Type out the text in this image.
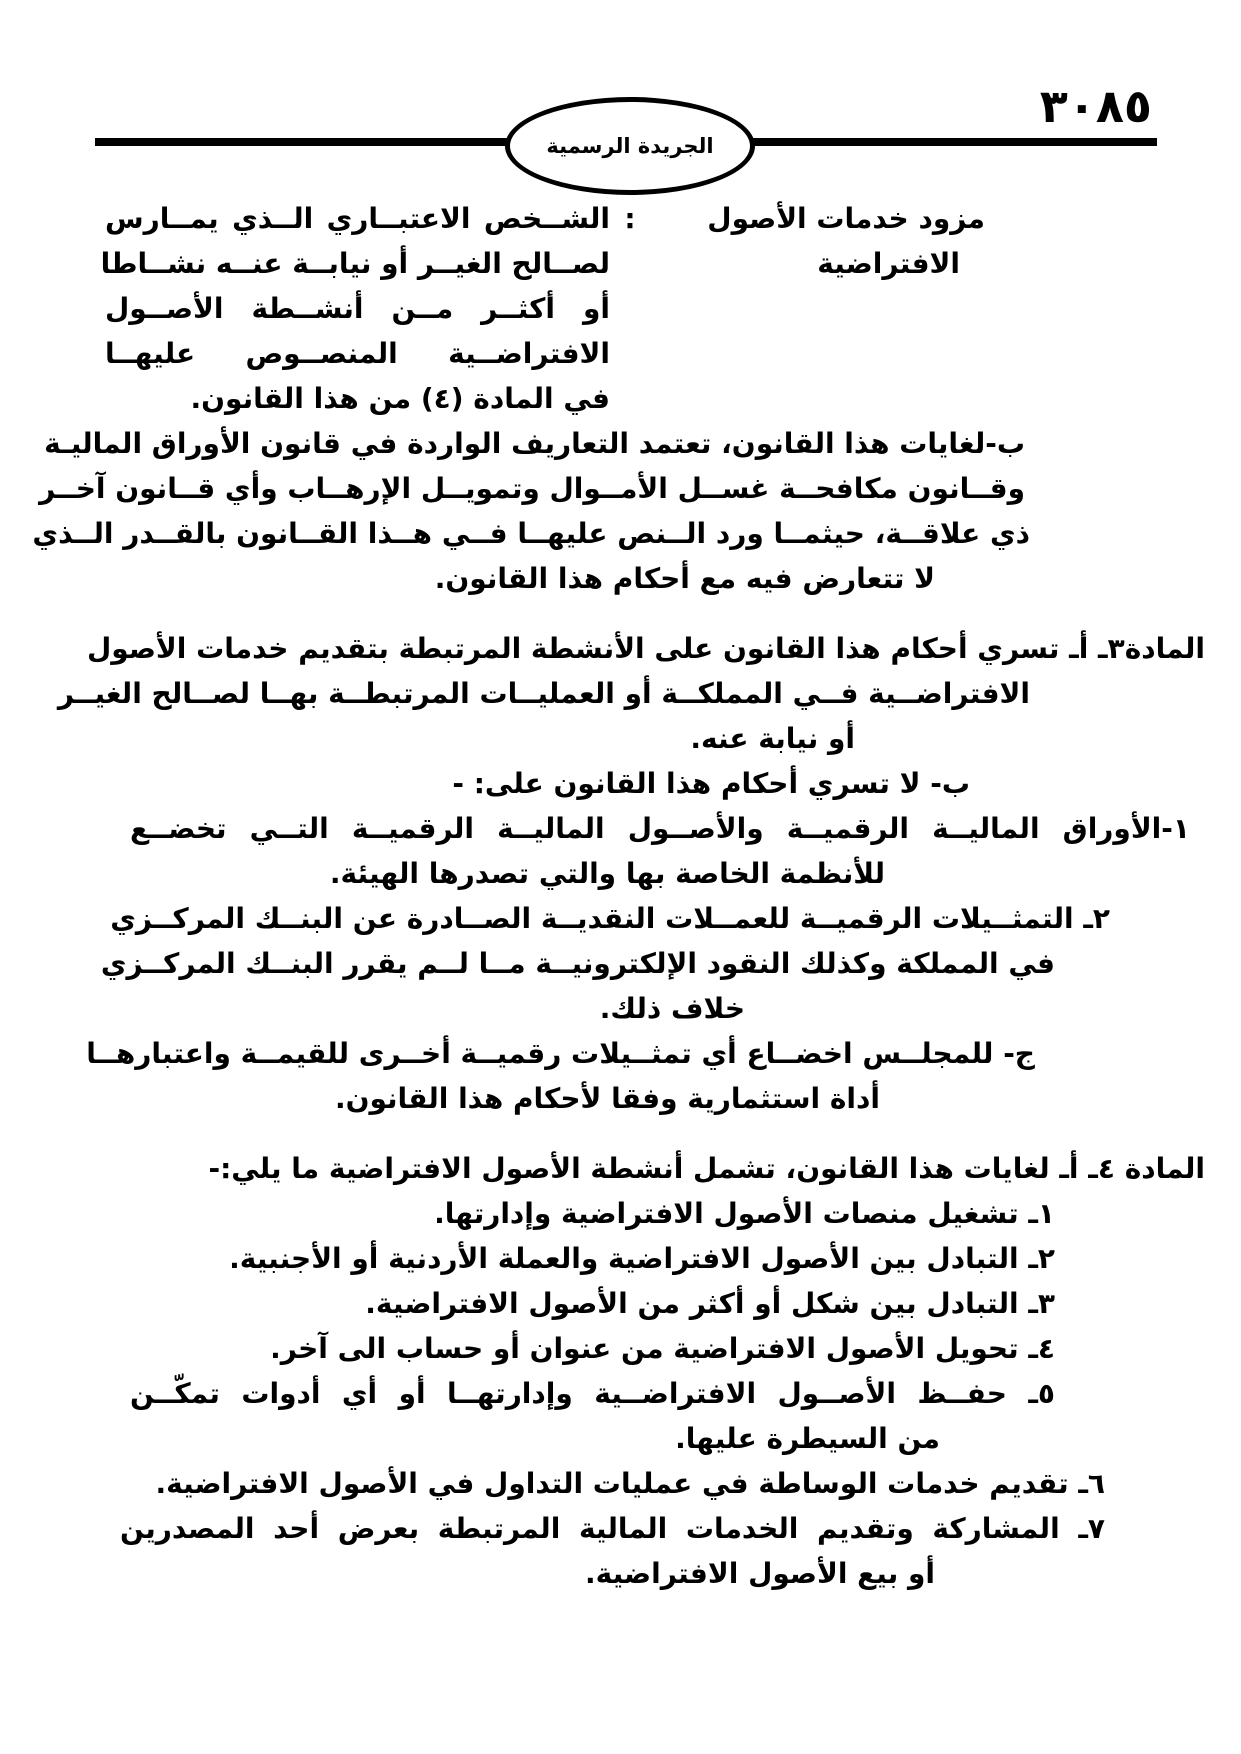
٣٠٨٥
الجريدة الرسمية
مزود خدمات الأصول
الافتراضية
:
الشــخص الاعتبــاري الــذي يمــارس
لصــالح الغيــر أو نيابــة عنــه نشــاطا
أو أكثــر مــن أنشــطة الأصــول
الافتراضــية المنصــوص عليهــا
في المادة (٤) من هذا القانون.
ب-لغايات هذا القانون، تعتمد التعاريف الواردة في قانون الأوراق الماليـة
وقــانون مكافحــة غســل الأمــوال وتمويــل الإرهــاب وأي قــانون آخــر
ذي علاقــة، حيثمــا ورد الــنص عليهــا فــي هــذا القــانون بالقــدر الــذي
لا تتعارض فيه مع أحكام هذا القانون.
المادة٣ـ أـ تسري أحكام هذا القانون على الأنشطة المرتبطة بتقديم خدمات الأصول
الافتراضــية فــي المملكــة أو العمليــات المرتبطــة بهــا لصــالح الغيــر
أو نيابة عنه.
ب- لا تسري أحكام هذا القانون على: -
١-الأوراق الماليــة الرقميــة والأصــول الماليــة الرقميــة التــي تخضــع
للأنظمة الخاصة بها والتي تصدرها الهيئة.
٢ـ التمثــيلات الرقميــة للعمــلات النقديــة الصــادرة عن البنــك المركــزي
في المملكة وكذلك النقود الإلكترونيــة مــا لــم يقرر البنــك المركــزي
خلاف ذلك.
ج- للمجلــس اخضــاع أي تمثــيلات رقميــة أخــرى للقيمــة واعتبارهــا
أداة استثمارية وفقا لأحكام هذا القانون.
المادة ٤ـ أـ لغايات هذا القانون، تشمل أنشطة الأصول الافتراضية ما يلي:-
١ـ تشغيل منصات الأصول الافتراضية وإدارتها.
٢ـ التبادل بين الأصول الافتراضية والعملة الأردنية أو الأجنبية.
٣ـ التبادل بين شكل أو أكثر من الأصول الافتراضية.
٤ـ تحويل الأصول الافتراضية من عنوان أو حساب الى آخر.
٥ـ حفــظ الأصــول الافتراضــية وإدارتهــا أو أي أدوات تمكّــن
من السيطرة عليها.
٦ـ تقديم خدمات الوساطة في عمليات التداول في الأصول الافتراضية.
٧ـ المشاركة وتقديم الخدمات المالية المرتبطة بعرض أحد المصدرين
أو بيع الأصول الافتراضية.
